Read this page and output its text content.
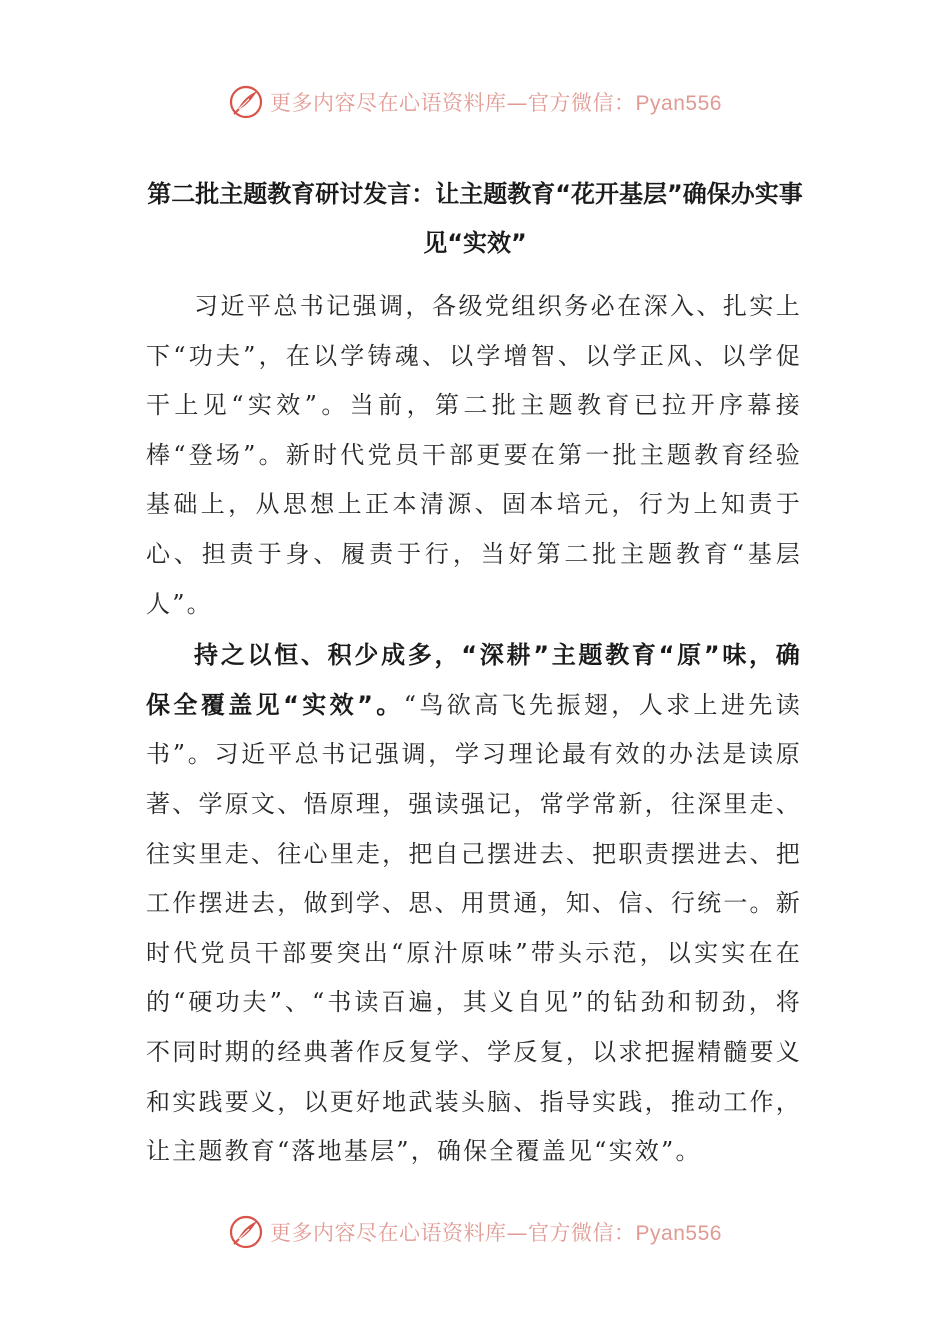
更多内容尽在心语资料库—官方微信：Pyan556
第二批主题教育研讨发言：让主题教育“花开基层”确保办实事见“实效”

习近平总书记强调，各级党组织务必在深入、扎实上下“功夫”，在以学铸魂、以学增智、以学正风、以学促干上见“实效”。当前，第二批主题教育已拉开序幕接棒“登场”。新时代党员干部更要在第一批主题教育经验基础上，从思想上正本清源、固本培元，行为上知责于心、担责于身、履责于行，当好第二批主题教育“基层人”。

持之以恒、积少成多，“深耕”主题教育“原”味，确保全覆盖见“实效”。“鸟欲高飞先振翅，人求上进先读书”。习近平总书记强调，学习理论最有效的办法是读原著、学原文、悟原理，强读强记，常学常新，往深里走、往实里走、往心里走，把自己摆进去、把职责摆进去、把工作摆进去，做到学、思、用贯通，知、信、行统一。新时代党员干部要突出“原汁原味”带头示范，以实实在在的“硬功夫”、“书读百遍，其义自见”的钻劲和韧劲，将不同时期的经典著作反复学、学反复，以求把握精髓要义和实践要义，以更好地武装头脑、指导实践，推动工作，让主题教育“落地基层”，确保全覆盖见“实效”。

更多内容尽在心语资料库—官方微信：Pyan556
